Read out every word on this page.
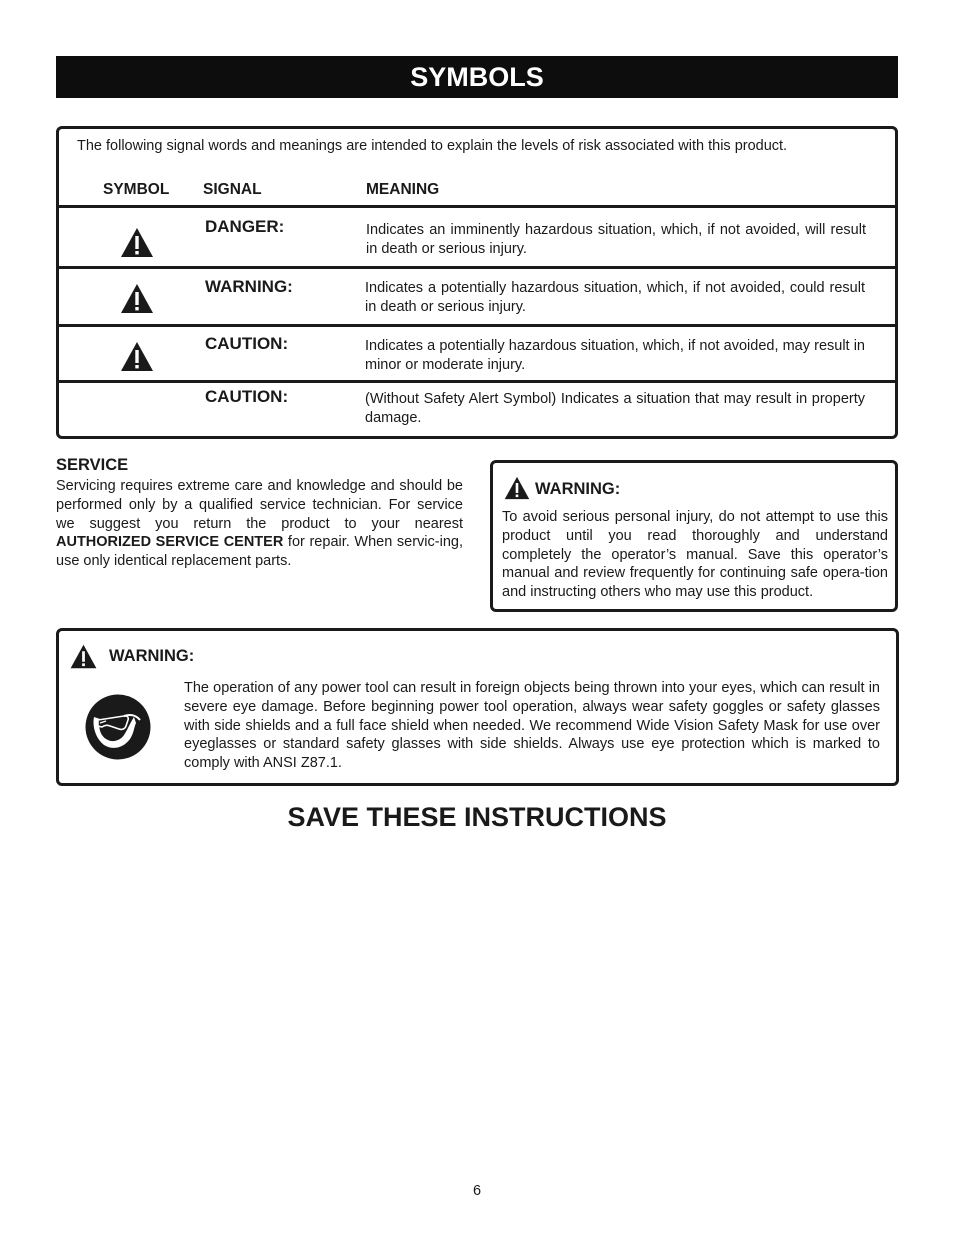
SYMBOLS
The following signal words and meanings are intended to explain the levels of risk associated with this product.
SYMBOL SIGNAL	MEANING
DANGER:	Indicates an imminently hazardous situation, which, if not avoided, will result in death or serious injury.
WARNING:	Indicates a potentially hazardous situation, which, if not avoided, could result in death or serious injury.
CAUTION:	Indicates a potentially hazardous situation, which, if not avoided, may result in minor or moderate injury.
CAUTION:	(Without Safety Alert Symbol) Indicates a situation that may result in property damage.
SERVICE
Servicing requires extreme care and knowledge and should be performed only by a qualified service technician. For service we suggest you return the product to your nearest AUTHORIZED SERVICE CENTER for repair. When servic-ing, use only identical replacement parts.
WARNING:
To avoid serious personal injury, do not attempt to use this product until you read thoroughly and understand completely the operator’s manual. Save this operator’s manual and review frequently for continuing safe opera-tion and instructing others who may use this product.
WARNING:
The operation of any power tool can result in foreign objects being thrown into your eyes, which can result in severe eye damage. Before beginning power tool operation, always wear safety goggles or safety glasses with side shields and a full face shield when needed. We recommend Wide Vision Safety Mask for use over eyeglasses or standard safety glasses with side shields. Always use eye protection which is marked to comply with ANSI Z87.1.
SAVE THESE INSTRUCTIONS
6
